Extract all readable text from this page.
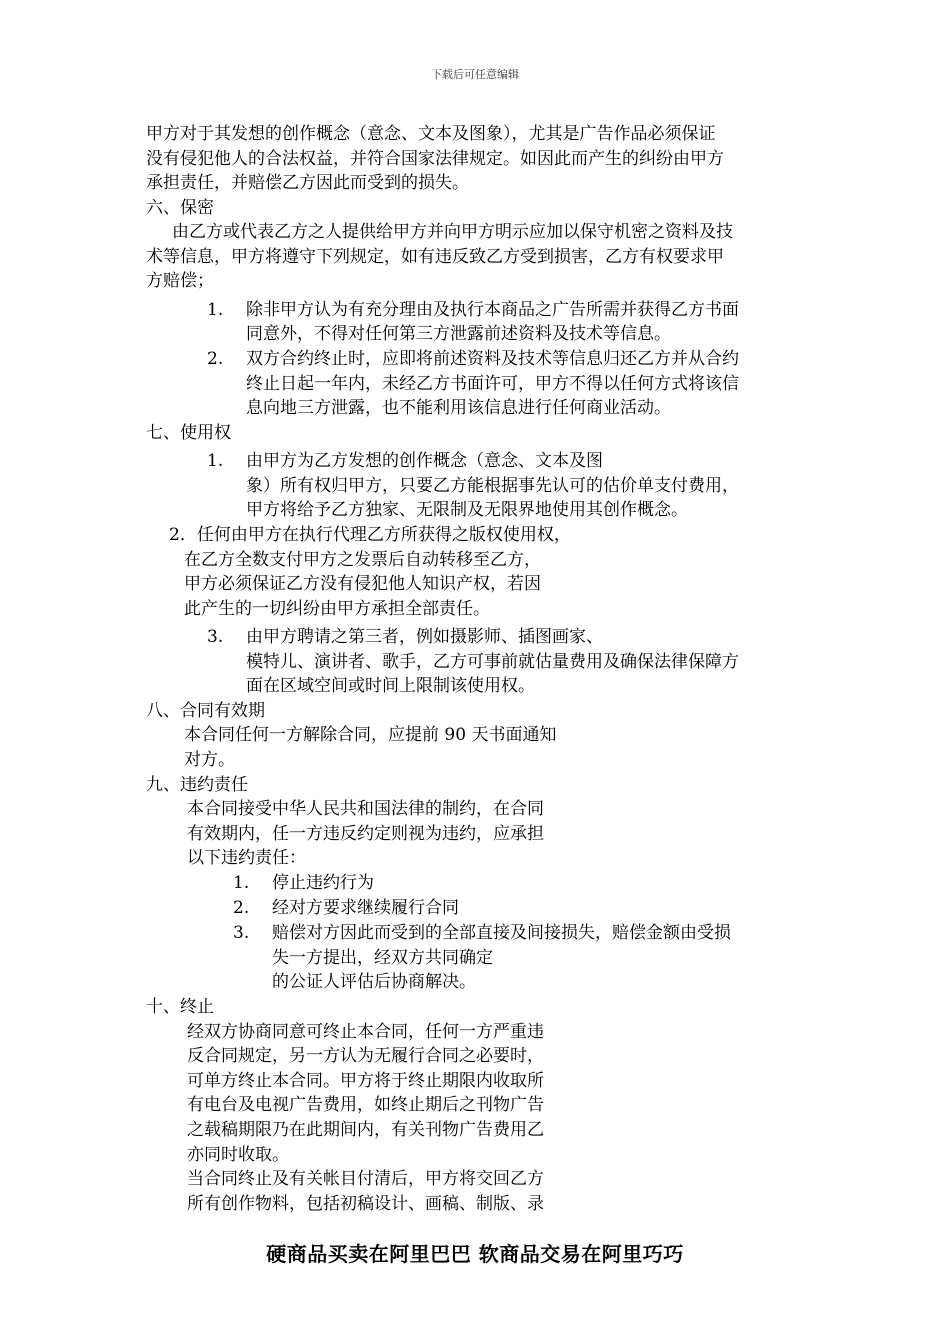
下载后可任意编辑
甲方对于其发想的创作概念（意念、文本及图象），尤其是广告作品必须保证
没有侵犯他人的合法权益，并符合国家法律规定。如因此而产生的纠纷由甲方
承担责任，并赔偿乙方因此而受到的损失。
六、保密
由乙方或代表乙方之人提供给甲方并向甲方明示应加以保守机密之资料及技
术等信息，甲方将遵守下列规定，如有违反致乙方受到损害，乙方有权要求甲
方赔偿；
1. 除非甲方认为有充分理由及执行本商品之广告所需并获得乙方书面
同意外，不得对任何第三方泄露前述资料及技术等信息。
2. 双方合约终止时，应即将前述资料及技术等信息归还乙方并从合约
终止日起一年内，未经乙方书面许可，甲方不得以任何方式将该信
息向地三方泄露，也不能利用该信息进行任何商业活动。
七、使用权
1. 由甲方为乙方发想的创作概念（意念、文本及图
象）所有权归甲方，只要乙方能根据事先认可的估价单支付费用，
甲方将给予乙方独家、无限制及无限界地使用其创作概念。
2．任何由甲方在执行代理乙方所获得之版权使用权，
在乙方全数支付甲方之发票后自动转移至乙方，
甲方必须保证乙方没有侵犯他人知识产权，若因
此产生的一切纠纷由甲方承担全部责任。
3. 由甲方聘请之第三者，例如摄影师、插图画家、
模特儿、演讲者、歌手，乙方可事前就估量费用及确保法律保障方
面在区域空间或时间上限制该使用权。
八、合同有效期
本合同任何一方解除合同，应提前 90 天书面通知
对方。
九、违约责任
本合同接受中华人民共和国法律的制约，在合同
有效期内，任一方违反约定则视为违约，应承担
以下违约责任：
1. 停止违约行为
2. 经对方要求继续履行合同
3. 赔偿对方因此而受到的全部直接及间接损失，赔偿金额由受损
失一方提出，经双方共同确定
的公证人评估后协商解决。
十、终止
经双方协商同意可终止本合同，任何一方严重违
反合同规定，另一方认为无履行合同之必要时，
可单方终止本合同。甲方将于终止期限内收取所
有电台及电视广告费用，如终止期后之刊物广告
之载稿期限乃在此期间内，有关刊物广告费用乙
亦同时收取。
当合同终止及有关帐目付清后，甲方将交回乙方
所有创作物料，包括初稿设计、画稿、制版、录
硬商品买卖在阿里巴巴 软商品交易在阿里巧巧
